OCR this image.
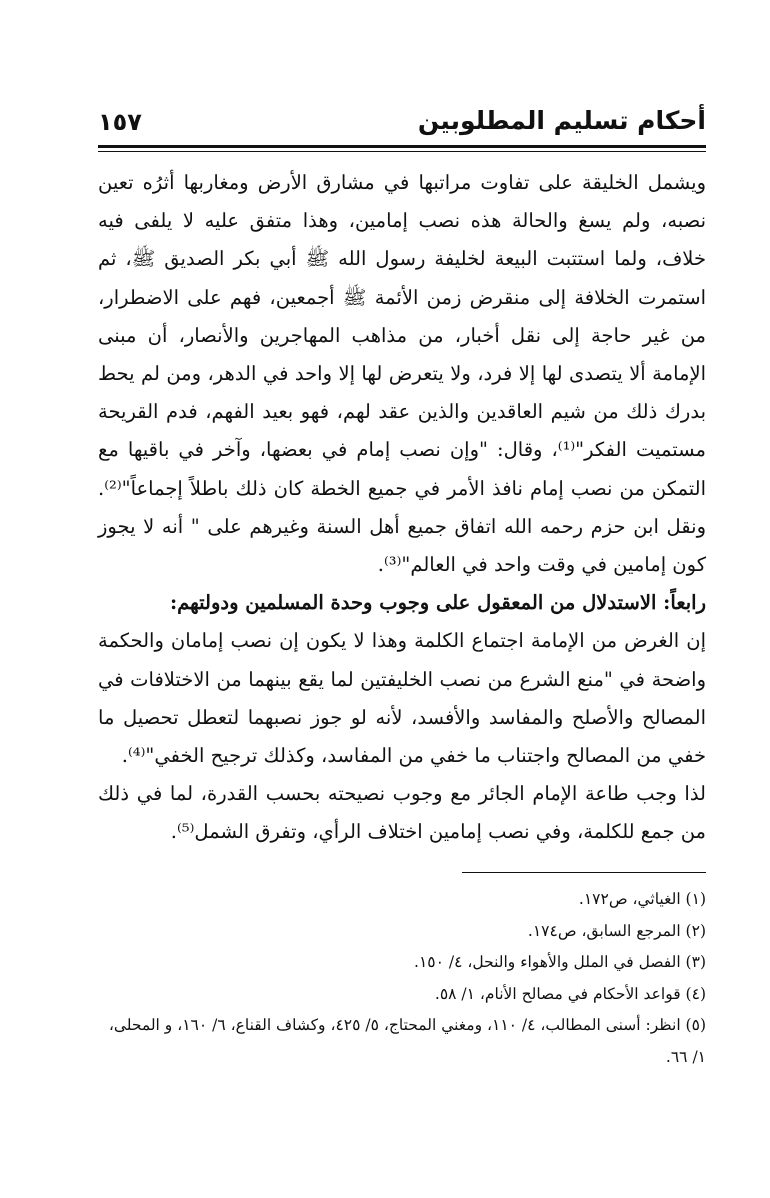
أحكام تسليم المطلوبين
١٥٧

ويشمل الخليقة على تفاوت مراتبها في مشارق الأرض ومغاربها أثرُه تعين نصبه، ولم يسغ والحالة هذه نصب إمامين، وهذا متفق عليه لا يلفى فيه خلاف، ولما استتبت البيعة لخليفة رسول الله ﷺ أبي بكر الصديق ﷺ، ثم استمرت الخلافة إلى منقرض زمن الأئمة ﷺ أجمعين، فهم على الاضطرار، من غير حاجة إلى نقل أخبار، من مذاهب المهاجرين والأنصار، أن مبنى الإمامة ألا يتصدى لها إلا فرد، ولا يتعرض لها إلا واحد في الدهر، ومن لم يحط بدرك ذلك من شيم العاقدين والذين عقد لهم، فهو بعيد الفهم، فدم القريحة مستميت الفكر"⁽¹⁾، وقال: "وإن نصب إمام في بعضها، وآخر في باقيها مع التمكن من نصب إمام نافذ الأمر في جميع الخطة كان ذلك باطلاً إجماعاً"⁽²⁾. ونقل ابن حزم رحمه الله اتفاق جميع أهل السنة وغيرهم على " أنه لا يجوز كون إمامين في وقت واحد في العالم"⁽³⁾.

رابعاً: الاستدلال من المعقول على وجوب وحدة المسلمين ودولتهم:

إن الغرض من الإمامة اجتماع الكلمة وهذا لا يكون إن نصب إمامان والحكمة واضحة في "منع الشرع من نصب الخليفتين لما يقع بينهما من الاختلافات في المصالح والأصلح والمفاسد والأفسد، لأنه لو جوز نصبهما لتعطل تحصيل ما خفي من المصالح واجتناب ما خفي من المفاسد، وكذلك ترجيح الخفي"⁽⁴⁾.

لذا وجب طاعة الإمام الجائر مع وجوب نصيحته بحسب القدرة، لما في ذلك من جمع للكلمة، وفي نصب إمامين اختلاف الرأي، وتفرق الشمل⁽⁵⁾.

(١) الغياثي، ص١٧٢.

(٢) المرجع السابق، ص١٧٤.

(٣) الفصل في الملل والأهواء والنحل، ٤/ ١٥٠.

(٤) قواعد الأحكام في مصالح الأنام، ١/ ٥٨.

(٥) انظر: أسنى المطالب، ٤/ ١١٠، ومغني المحتاج، ٥/ ٤٢٥، وكشاف القناع، ٦/ ١٦٠، و المحلى، ١/ ٦٦.
